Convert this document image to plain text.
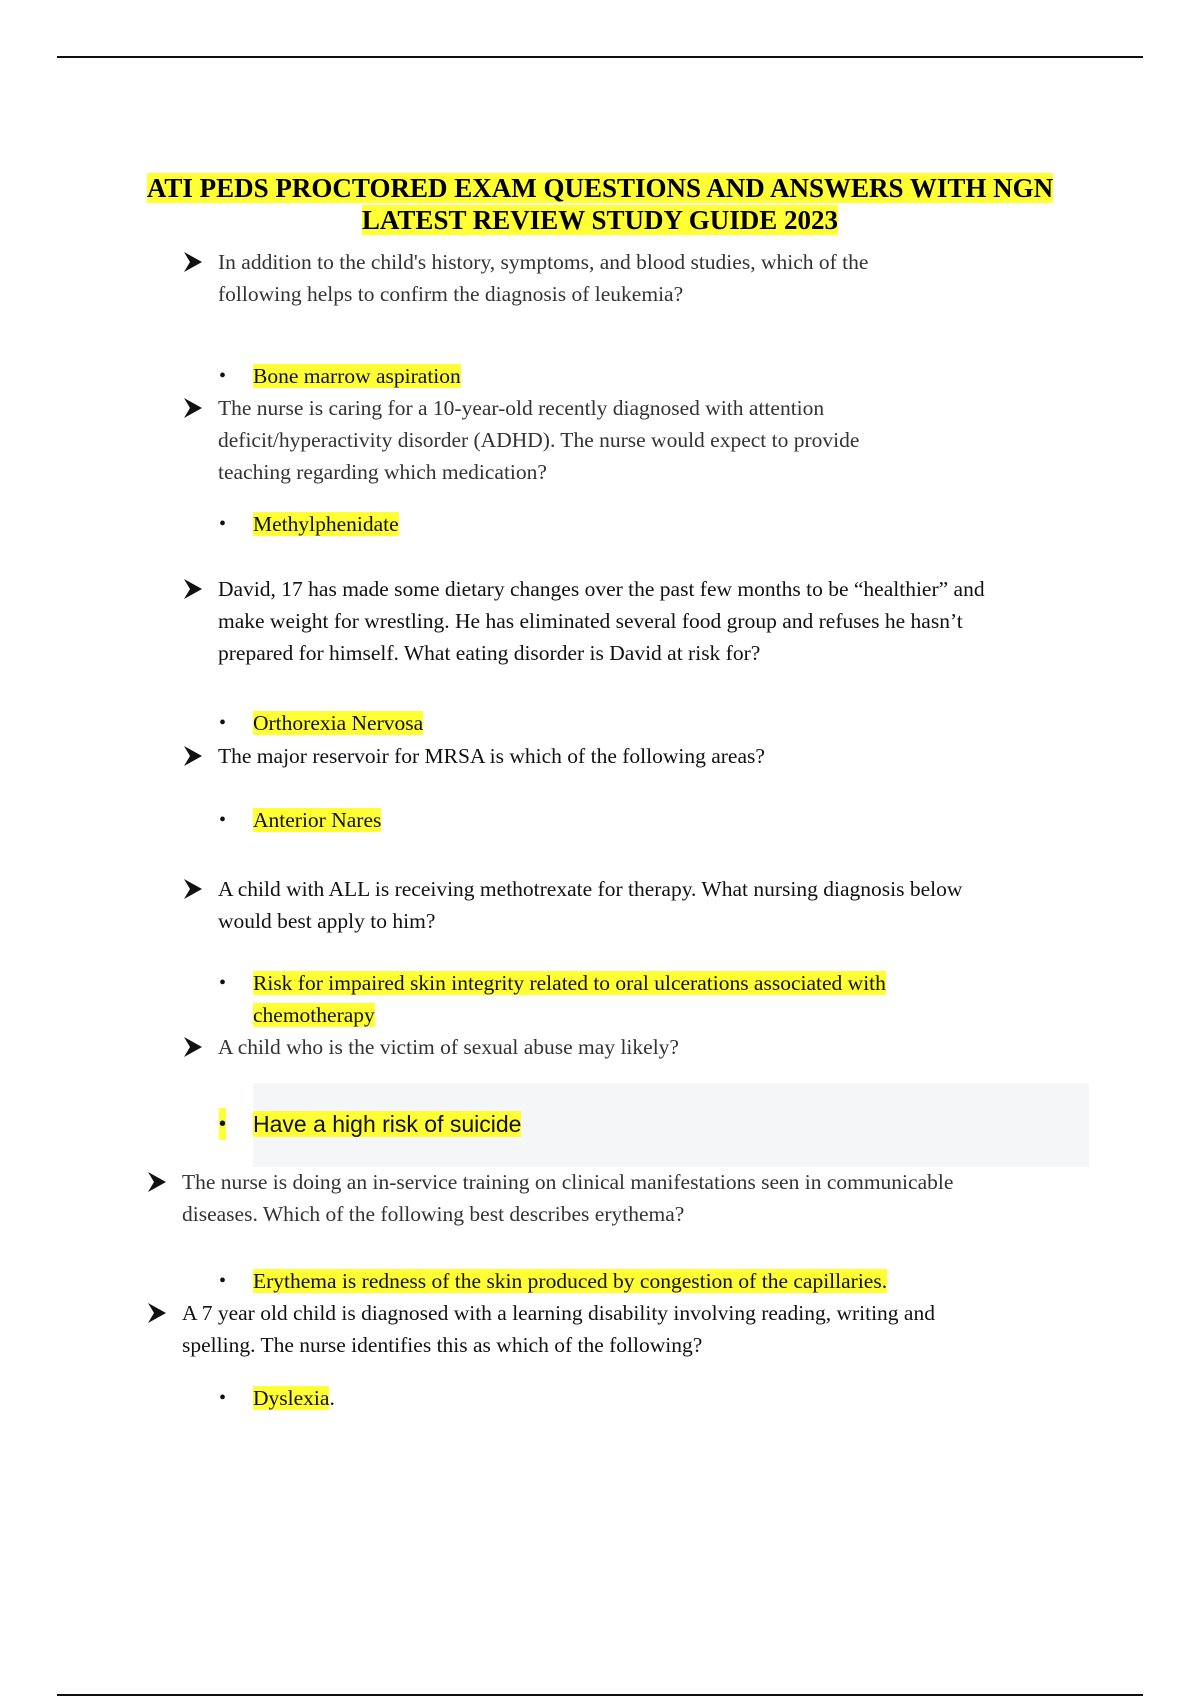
ATI PEDS PROCTORED EXAM QUESTIONS AND ANSWERS WITH NGN
LATEST REVIEW STUDY GUIDE 2023
In addition to the child's history, symptoms, and blood studies, which of the
following helps to confirm the diagnosis of leukemia?
• Bone marrow aspiration
The nurse is caring for a 10-year-old recently diagnosed with attention
deficit/hyperactivity disorder (ADHD). The nurse would expect to provide
teaching regarding which medication?
• Methylphenidate
David, 17 has made some dietary changes over the past few months to be “healthier” and
make weight for wrestling. He has eliminated several food group and refuses he hasn’t
prepared for himself. What eating disorder is David at risk for?
• Orthorexia Nervosa
The major reservoir for MRSA is which of the following areas?
• Anterior Nares
A child with ALL is receiving methotrexate for therapy. What nursing diagnosis below
would best apply to him?
• Risk for impaired skin integrity related to oral ulcerations associated with
chemotherapy
A child who is the victim of sexual abuse may likely?
• Have a high risk of suicide
The nurse is doing an in-service training on clinical manifestations seen in communicable
diseases. Which of the following best describes erythema?
• Erythema is redness of the skin produced by congestion of the capillaries.
A 7 year old child is diagnosed with a learning disability involving reading, writing and
spelling. The nurse identifies this as which of the following?
• Dyslexia.
